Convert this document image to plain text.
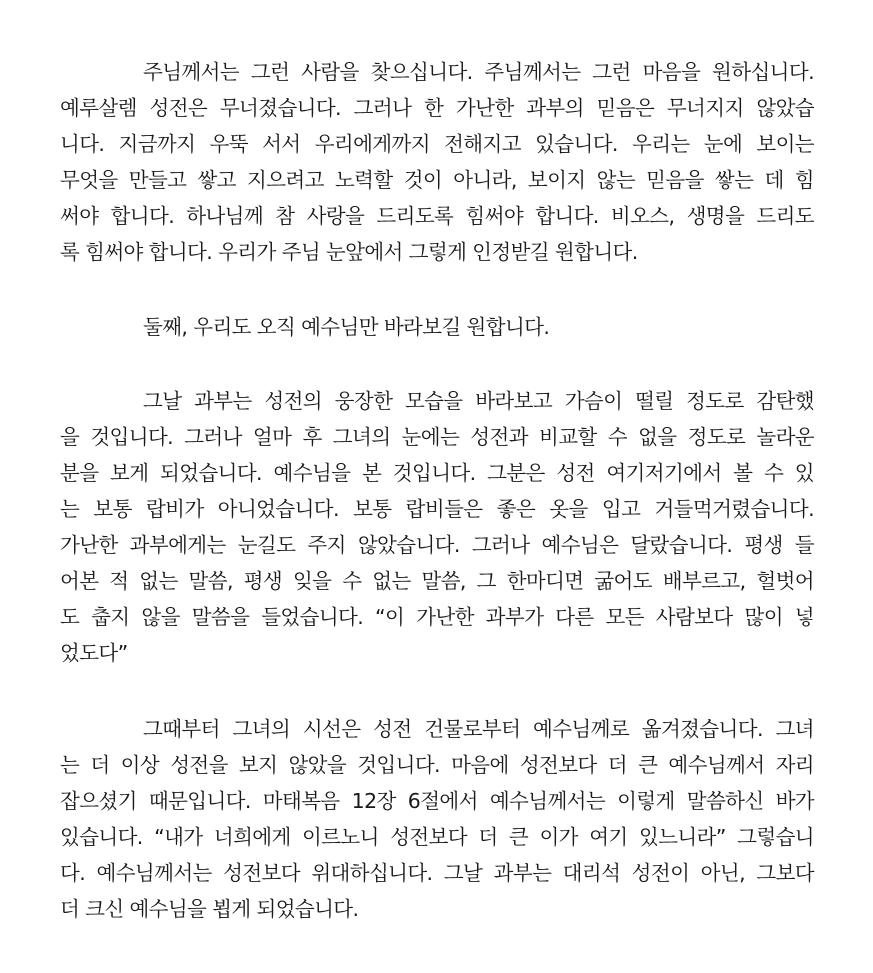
주님께서는 그런 사람을 찾으십니다. 주님께서는 그런 마음을 원하십니다.
예루살렘 성전은 무너졌습니다. 그러나 한 가난한 과부의 믿음은 무너지지 않았습
니다. 지금까지 우뚝 서서 우리에게까지 전해지고 있습니다. 우리는 눈에 보이는
무엇을 만들고 쌓고 지으려고 노력할 것이 아니라, 보이지 않는 믿음을 쌓는 데 힘
써야 합니다. 하나님께 참 사랑을 드리도록 힘써야 합니다. 비오스, 생명을 드리도
록 힘써야 합니다. 우리가 주님 눈앞에서 그렇게 인정받길 원합니다.
둘째, 우리도 오직 예수님만 바라보길 원합니다.
그날 과부는 성전의 웅장한 모습을 바라보고 가슴이 떨릴 정도로 감탄했
을 것입니다. 그러나 얼마 후 그녀의 눈에는 성전과 비교할 수 없을 정도로 놀라운
분을 보게 되었습니다. 예수님을 본 것입니다. 그분은 성전 여기저기에서 볼 수 있
는 보통 랍비가 아니었습니다. 보통 랍비들은 좋은 옷을 입고 거들먹거렸습니다.
가난한 과부에게는 눈길도 주지 않았습니다. 그러나 예수님은 달랐습니다. 평생 들
어본 적 없는 말씀, 평생 잊을 수 없는 말씀, 그 한마디면 굶어도 배부르고, 헐벗어
도 춥지 않을 말씀을 들었습니다. “이 가난한 과부가 다른 모든 사람보다 많이 넣
었도다”
그때부터 그녀의 시선은 성전 건물로부터 예수님께로 옮겨졌습니다. 그녀
는 더 이상 성전을 보지 않았을 것입니다. 마음에 성전보다 더 큰 예수님께서 자리
잡으셨기 때문입니다. 마태복음 12장 6절에서 예수님께서는 이렇게 말씀하신 바가
있습니다. “내가 너희에게 이르노니 성전보다 더 큰 이가 여기 있느니라” 그렇습니
다. 예수님께서는 성전보다 위대하십니다. 그날 과부는 대리석 성전이 아닌, 그보다
더 크신 예수님을 뵙게 되었습니다.
